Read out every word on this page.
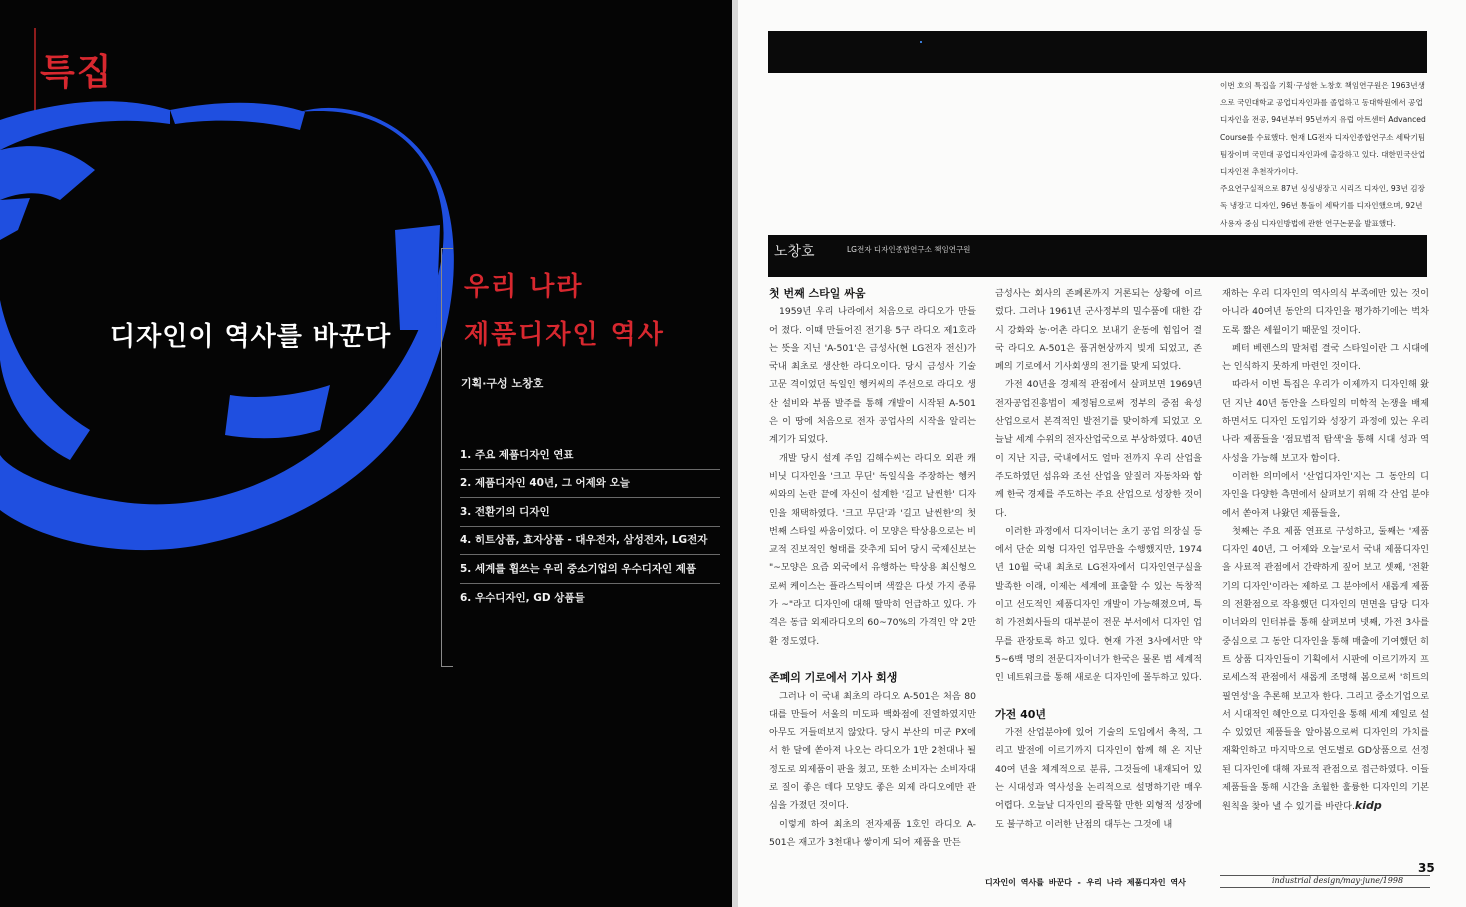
특집
디자인이 역사를 바꾼다
우리 나라
제품디자인 역사
기획·구성 노창호
1. 주요 제품디자인 연표
2. 제품디자인 40년, 그 어제와 오늘
3. 전환기의 디자인
4. 히트상품, 효자상품 - 대우전자, 삼성전자, LG전자
5. 세계를 휩쓰는 우리 중소기업의 우수디자인 제품
6. 우수디자인, GD 상품들

이번 호의 특집을 기획·구성한 노창호 책임연구원은 1963년생으로 국민대학교 공업디자인과를 졸업하고 동대학원에서 공업디자인을 전공, 94년부터 95년까지 유럽 아트센터 Advanced Course를 수료했다. 현재 LG전자 디자인종합연구소 세탁기팀 팀장이며 국민대 공업디자인과에 출강하고 있다. 대한민국산업디자인전 추천작가이다.

주요연구실적으로 87년 싱싱냉장고 시리즈 디자인, 93년 김장독 냉장고 디자인, 96년 통돌이 세탁기를 디자인했으며, 92년 사용자 중심 디자인방법에 관한 연구논문을 발표했다.

노창호	LG전자 디자인종합연구소 책임연구원
첫 번째 스타일 싸움

1959년 우리 나라에서 처음으로 라디오가 만들어 졌다. 이때 만들어진 전기용 5구 라디오 제1호라는 뜻을 지닌 'A-501'은 금성사(현 LG전자 전신)가 국내 최초로 생산한 라디오이다. 당시 금성사 기술 고문 격이었던 독일인 헹커씨의 주선으로 라디오 생산 설비와 부품 발주를 통해 개발이 시작된 A-501은 이 땅에 처음으로 전자 공업사의 시작을 알리는 계기가 되었다.

개발 당시 설계 주임 김해수씨는 라디오 외관 캐비닛 디자인을 '크고 무딘' 독일식을 주장하는 헹커씨와의 논란 끝에 자신이 설계한 '길고 날씬한' 디자인을 채택하였다. '크고 무딘'과 '길고 날씬한'의 첫 번째 스타일 싸움이었다. 이 모양은 탁상용으로는 비교적 진보적인 형태를 갖추게 되어 당시 국제신보는 "~모양은 요즘 외국에서 유행하는 탁상용 최신형으로써 케이스는 플라스틱이며 색깔은 다섯 가지 종류가 ~"라고 디자인에 대해 딸막히 언급하고 있다. 가격은 동급 외제라디오의 60~70%의 가격인 약 2만환 정도였다.

존폐의 기로에서 기사 회생

그러나 이 국내 최초의 라디오 A-501은 처음 80대를 만들어 서울의 미도파 백화점에 진열하였지만 아무도 거들떠보지 않았다. 당시 부산의 미군 PX에서 한 달에 쏟아져 나오는 라디오가 1만 2천대나 될 정도로 외제품이 판을 쳤고, 또한 소비자는 소비자대로 질이 좋은 데다 모양도 좋은 외제 라디오에만 관심을 가졌던 것이다.

이렇게 하여 최초의 전자제품 1호인 라디오 A-501은 재고가 3천대나 쌓이게 되어 제품을 만든

금성사는 회사의 존폐론까지 거론되는 상황에 이르렀다. 그러나 1961년 군사정부의 밀수품에 대한 감시 강화와 농·어촌 라디오 보내기 운동에 힘입어 결국 라디오 A-501은 품귀현상까지 빚게 되었고, 존폐의 기로에서 기사회생의 전기를 맞게 되었다.

가전 40년을 경제적 관점에서 살펴보면 1969년 전자공업진흥법이 제정됨으로써 정부의 중점 육성 산업으로서 본격적인 발전기를 맞이하게 되었고 오늘날 세계 수위의 전자산업국으로 부상하였다. 40년이 지난 지금, 국내에서도 얼마 전까지 우리 산업을 주도하였던 섬유와 조선 산업을 앞질러 자동차와 함께 한국 경제를 주도하는 주요 산업으로 성장한 것이다.

이러한 과정에서 디자이너는 초기 공업 의장실 등에서 단순 외형 디자인 업무만을 수행했지만, 1974년 10월 국내 최초로 LG전자에서 디자인연구실을 발족한 이래, 이제는 세계에 표출할 수 있는 독창적이고 선도적인 제품디자인 개발이 가능해졌으며, 특히 가전회사들의 대부분이 전문 부서에서 디자인 업무를 관장토록 하고 있다. 현재 가전 3사에서만 약 5~6백 명의 전문디자이너가 한국은 물론 범 세계적인 네트워크를 통해 새로운 디자인에 몰두하고 있다.

가전 40년

가전 산업분야에 있어 기술의 도입에서 축적, 그리고 발전에 이르기까지 디자인이 함께 해 온 지난 40여 년을 체계적으로 분류, 그것들에 내재되어 있는 시대성과 역사성을 논리적으로 설명하기란 매우 어렵다. 오늘날 디자인의 괄목할 만한 외형적 성장에도 불구하고 이러한 난점의 대두는 그것에 내

재하는 우리 디자인의 역사의식 부족에만 있는 것이 아니라 40여년 동안의 디자인을 평가하기에는 벅차도록 짧은 세월이기 때문일 것이다.

페터 베렌스의 말처럼 결국 스타일이란 그 시대에는 인식하지 못하게 마련인 것이다.

따라서 이번 특집은 우리가 이제까지 디자인해 왔던 지난 40년 동안을 스타일의 미학적 논쟁을 배제하면서도 디자인 도입기와 성장기 과정에 있는 우리 나라 제품들을 '점묘법적 탐색'을 통해 시대 성과 역사성을 가능해 보고자 함이다.

이러한 의미에서 '산업디자인'지는 그 동안의 디자인을 다양한 측면에서 살펴보기 위해 각 산업 분야에서 쏟아져 나왔던 제품들을,

첫째는 주요 제품 연표로 구성하고, 둘째는 '제품 디자인 40년, 그 어제와 오늘'로서 국내 제품디자인을 사료적 관점에서 간략하게 짚어 보고 셋째, '전환기의 디자인'이라는 제하로 그 분야에서 새롭게 제품의 전환점으로 작용했던 디자인의 면면을 담당 디자이너와의 인터뷰를 통해 살펴보며 넷째, 가전 3사를 중심으로 그 동안 디자인을 통해 매출에 기여했던 히트 상품 디자인들이 기획에서 시판에 이르기까지 프로세스적 관점에서 새롭게 조명해 봄으로써 '히트의 필연성'을 추론해 보고자 한다. 그리고 중소기업으로서 시대적인 혜안으로 디자인을 통해 세계 제일로 설 수 있었던 제품들을 알아봄으로써 디자인의 가치를 재확인하고 마지막으로 연도별로 GD상품으로 선정된 디자인에 대해 자료적 관점으로 접근하였다. 이들 제품들을 통해 시간을 초월한 훌륭한 디자인의 기본 원칙을 찾아 낼 수 있기를 바란다.kidp

35
디자인이 역사를 바꾼다 - 우리 나라 제품디자인 역사	industrial design/may·june/1998
